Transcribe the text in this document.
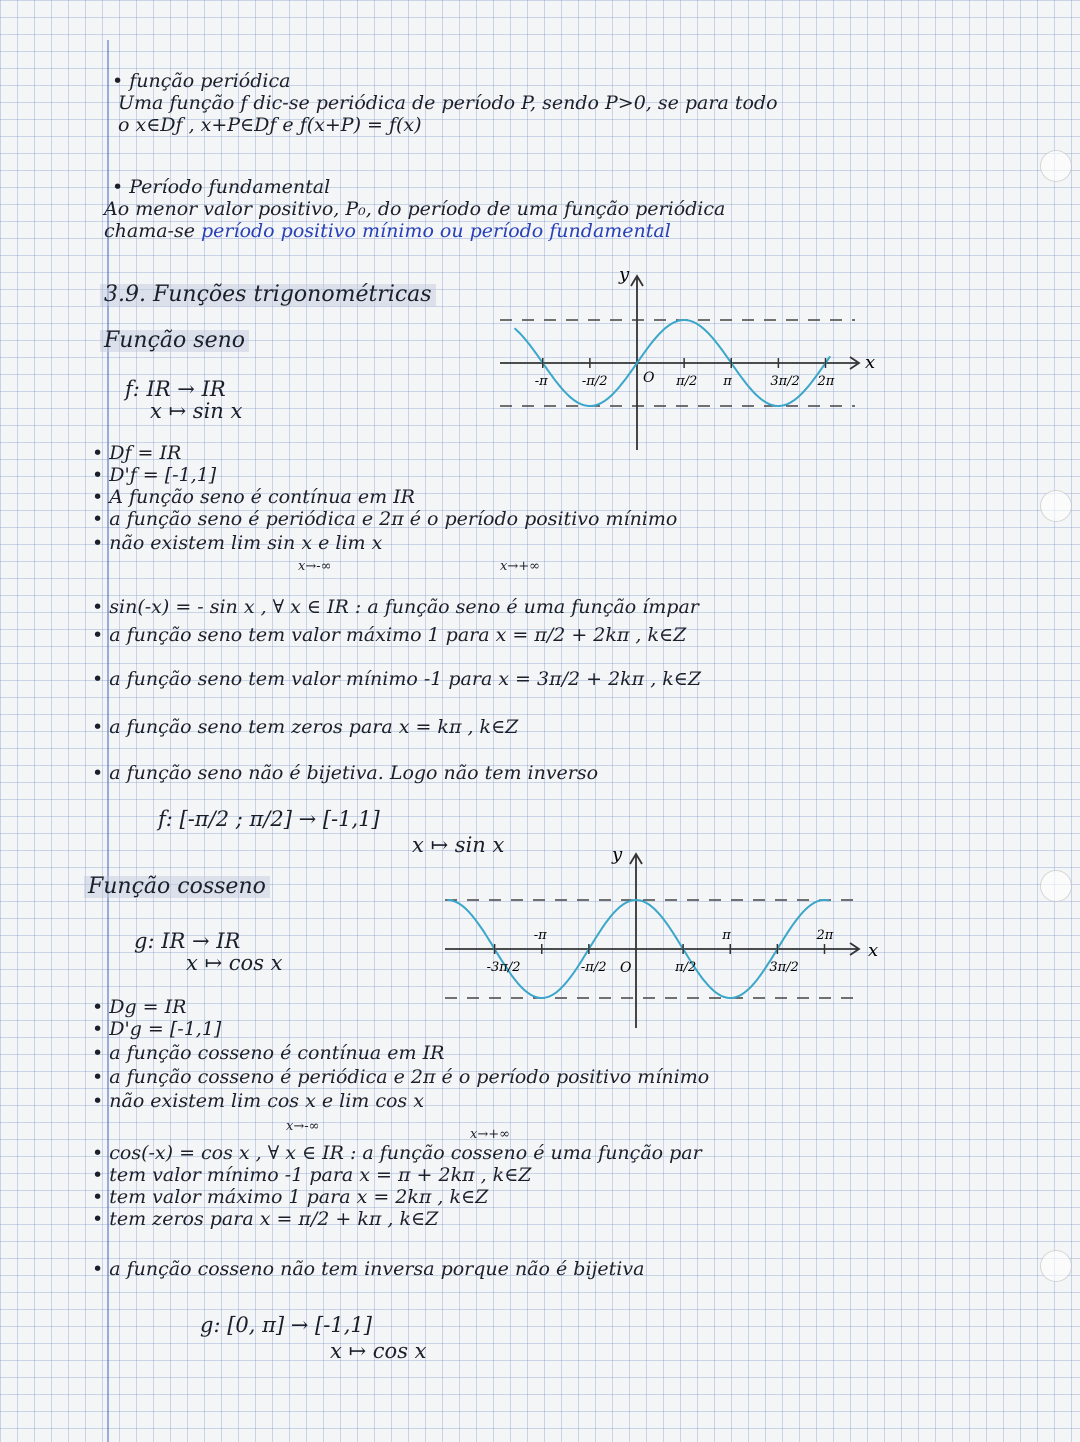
• função periódica
Uma função f dic-se periódica de período P, sendo P>0, se para todo
o x∈Dƒ , x+P∈Dƒ e ƒ(x+P) = ƒ(x)
• Período fundamental
Ao menor valor positivo, P₀, do período de uma função periódica
chama-se período positivo mínimo ou período fundamental
3.9. Funções trigonométricas
Função seno
f: IR → IR
x ↦ sin x
• Dƒ = IR
• D'ƒ = [-1,1]
• A função seno é contínua em IR
• a função seno é periódica e 2π é o período positivo mínimo
• não existem lim sin x e lim x
x→-∞	x→+∞
• sin(-x) = - sin x , ∀ x ∈ IR : a função seno é uma função ímpar
• a função seno tem valor máximo 1 para x = π/2 + 2kπ , k∈Z
• a função seno tem valor mínimo -1 para x = 3π/2 + 2kπ , k∈Z
• a função seno tem zeros para x = kπ , k∈Z
• a função seno não é bijetiva. Logo não tem inverso
f: [-π/2 ; π/2] → [-1,1]
x ↦ sin x
-π	-π/2	π/2 π	3π/2 2π
x
y
O
Função cosseno
g: IR → IR
x ↦ cos x
• Dg = IR
• D'g = [-1,1]
• a função cosseno é contínua em IR
• a função cosseno é periódica e 2π é o período positivo mínimo
• não existem lim cos x e lim cos x
x→-∞
x→+∞
• cos(-x) = cos x , ∀ x ∈ IR : a função cosseno é uma função par
• tem valor mínimo -1 para x = π + 2kπ , k∈Z
• tem valor máximo 1 para x = 2kπ , k∈Z
• tem zeros para x = π/2 + kπ , k∈Z
• a função cosseno não tem inversa porque não é bijetiva
g: [0, π] → [-1,1]
x ↦ cos x
-3π/2
-π
-π/2	π/2
π
3π/2
2π
x
y
O
